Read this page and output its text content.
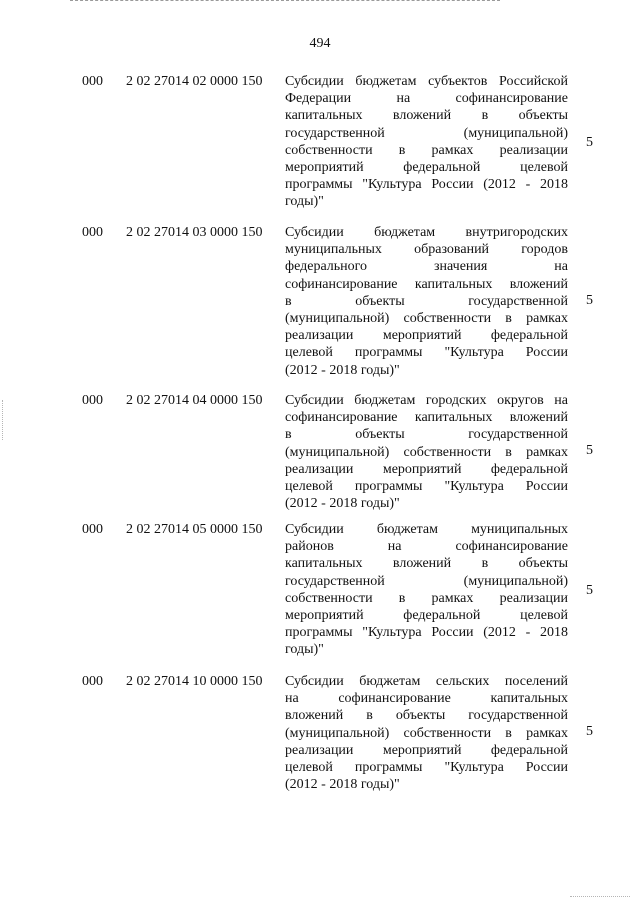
494
000 2 02 27014 02 0000 150 Субсидии бюджетам субъектов Российской
Федерации на софинансирование
капитальных вложений в объекты
государственной (муниципальной)
собственности в рамках реализации
мероприятий федеральной целевой
программы "Культура России (2012 - 2018
годы)"
5
000 2 02 27014 03 0000 150 Субсидии бюджетам внутригородских
муниципальных образований городов
федерального значения на
софинансирование капитальных вложений
в объекты государственной
(муниципальной) собственности в рамках
реализации мероприятий федеральной
целевой программы "Культура России
(2012 - 2018 годы)"
5
000 2 02 27014 04 0000 150 Субсидии бюджетам городских округов на
софинансирование капитальных вложений
в объекты государственной
(муниципальной) собственности в рамках
реализации мероприятий федеральной
целевой программы "Культура России
(2012 - 2018 годы)"
5
000 2 02 27014 05 0000 150 Субсидии бюджетам муниципальных
районов на софинансирование
капитальных вложений в объекты
государственной (муниципальной)
собственности в рамках реализации
мероприятий федеральной целевой
программы "Культура России (2012 - 2018
годы)"
5
000 2 02 27014 10 0000 150 Субсидии бюджетам сельских поселений
на софинансирование капитальных
вложений в объекты государственной
(муниципальной) собственности в рамках
реализации мероприятий федеральной
целевой программы "Культура России
(2012 - 2018 годы)"
5
